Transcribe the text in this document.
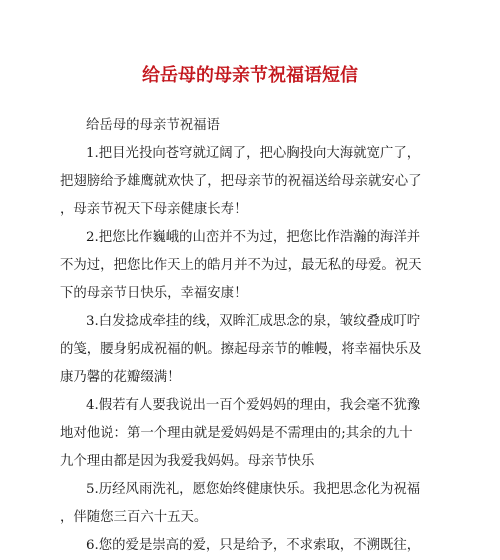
给岳母的母亲节祝福语短信
给岳母的母亲节祝福语
1.把目光投向苍穹就辽阔了，把心胸投向大海就宽广了，
把翅膀给予雄鹰就欢快了，把母亲节的祝福送给母亲就安心了
，母亲节祝天下母亲健康长寿！
2.把您比作巍峨的山峦并不为过，把您比作浩瀚的海洋并
不为过，把您比作天上的皓月并不为过，最无私的母爱。祝天
下的母亲节日快乐，幸福安康！
3.白发捻成牵挂的线，双眸汇成思念的泉，皱纹叠成叮咛
的笺，腰身躬成祝福的帆。擦起母亲节的帷幔，将幸福快乐及
康乃馨的花瓣缀满！
4.假若有人要我说出一百个爱妈妈的理由，我会毫不犹豫
地对他说：第一个理由就是爱妈妈是不需理由的;其余的九十
九个理由都是因为我爱我妈妈。母亲节快乐
5.历经风雨洗礼，愿您始终健康快乐。我把思念化为祝福
，伴随您三百六十五天。
6.您的爱是崇高的爱，只是给予，不求索取，不溯既往，
